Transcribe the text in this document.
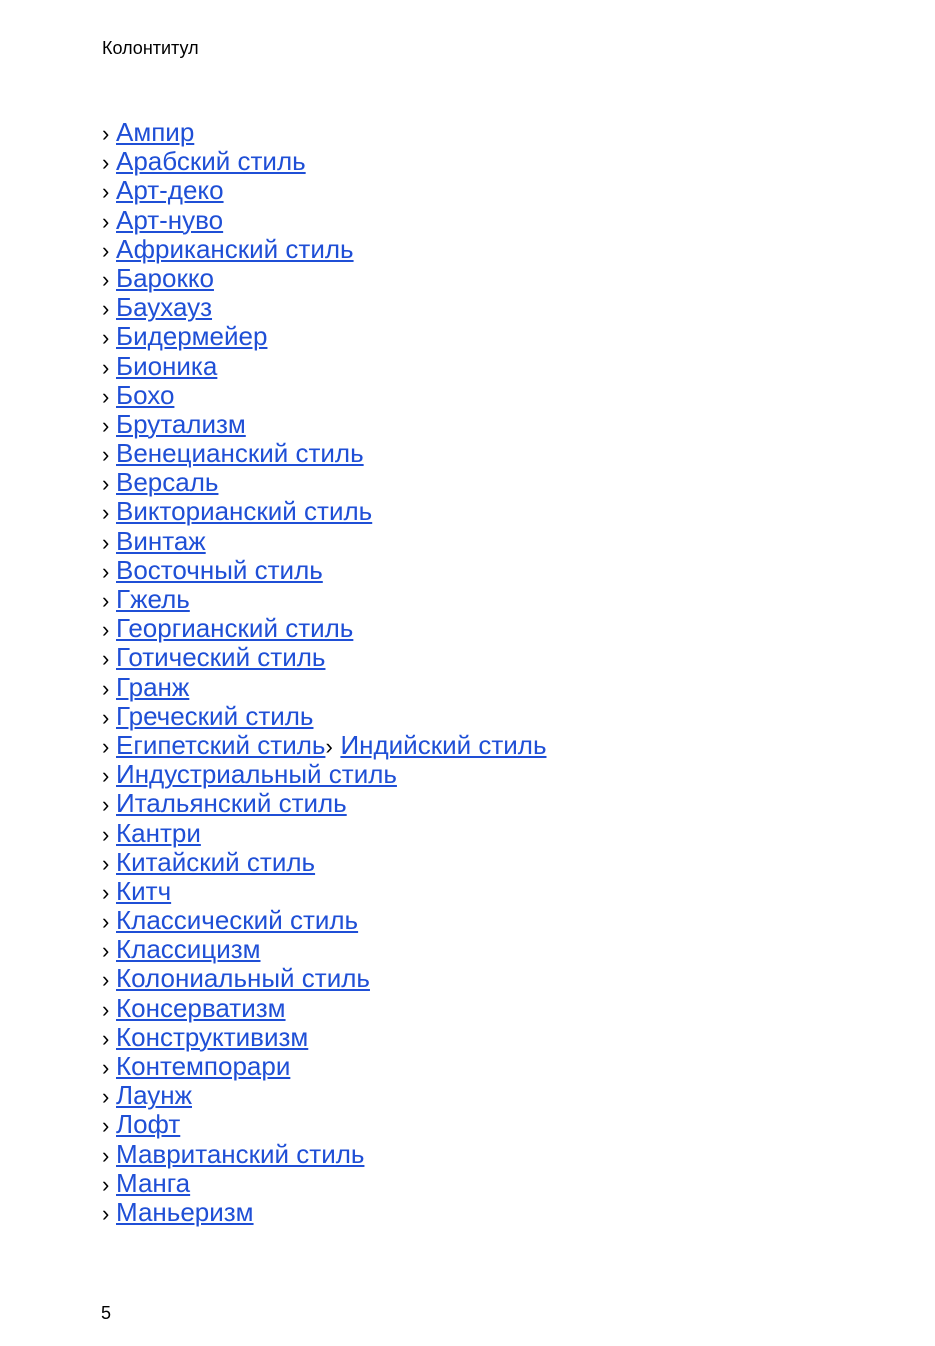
Колонтитул

› Ампир
› Арабский стиль
› Арт-деко
› Арт-нуво
› Африканский стиль
› Барокко
› Баухауз
› Бидермейер
› Бионика
› Бохо
› Брутализм
› Венецианский стиль
› Версаль
› Викторианский стиль
› Винтаж
› Восточный стиль
› Гжель
› Георгианский стиль
› Готический стиль
› Гранж
› Греческий стиль
› Египетский стиль› Индийский стиль
› Индустриальный стиль
› Итальянский стиль
› Кантри
› Китайский стиль
› Китч
› Классический стиль
› Классицизм
› Колониальный стиль
› Консерватизм
› Конструктивизм
› Контемпорари
› Лаунж
› Лофт
› Мавританский стиль
› Манга
› Маньеризм

5
